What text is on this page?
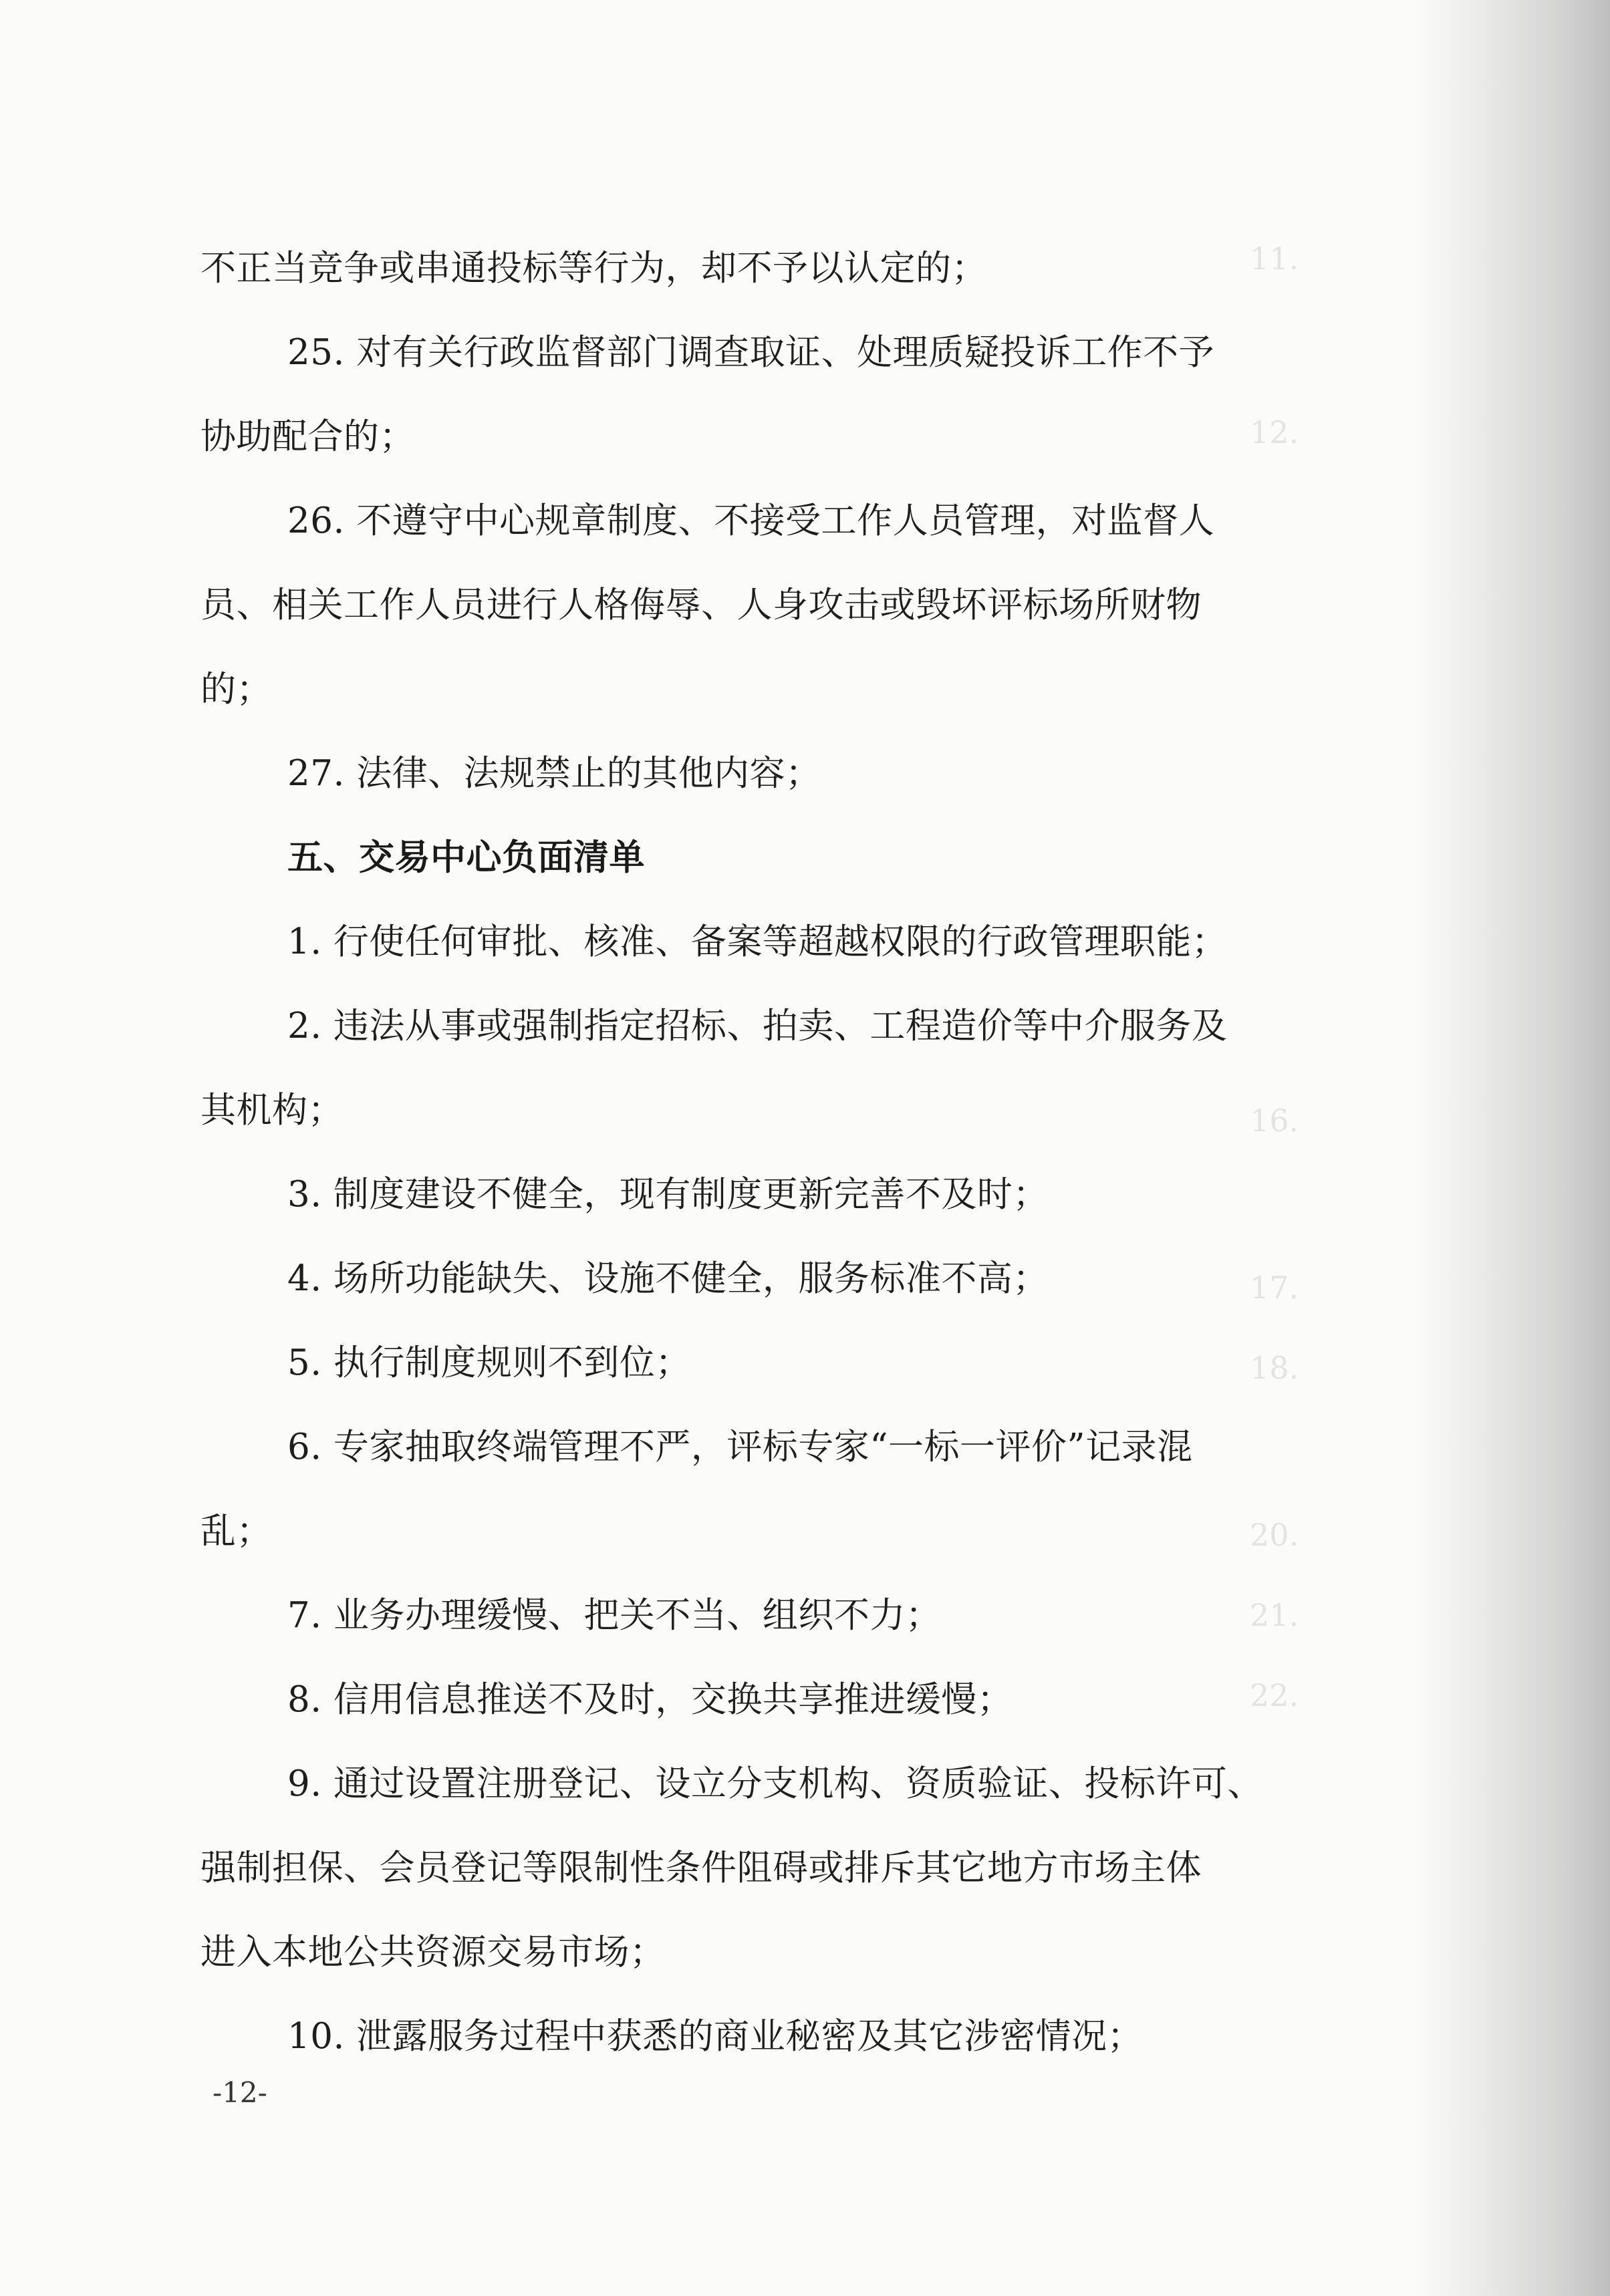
11.
12.
16.
17.
18.
20.
21.
22.
不正当竞争或串通投标等行为，却不予以认定的；
25. 对有关行政监督部门调查取证、处理质疑投诉工作不予
协助配合的；
26. 不遵守中心规章制度、不接受工作人员管理，对监督人
员、相关工作人员进行人格侮辱、人身攻击或毁坏评标场所财物
的；
27. 法律、法规禁止的其他内容；
五、交易中心负面清单
1. 行使任何审批、核准、备案等超越权限的行政管理职能；
2. 违法从事或强制指定招标、拍卖、工程造价等中介服务及
其机构；
3. 制度建设不健全，现有制度更新完善不及时；
4. 场所功能缺失、设施不健全，服务标准不高；
5. 执行制度规则不到位；
6. 专家抽取终端管理不严，评标专家“一标一评价”记录混
乱；
7. 业务办理缓慢、把关不当、组织不力；
8. 信用信息推送不及时，交换共享推进缓慢；
9. 通过设置注册登记、设立分支机构、资质验证、投标许可、
强制担保、会员登记等限制性条件阻碍或排斥其它地方市场主体
进入本地公共资源交易市场；
10. 泄露服务过程中获悉的商业秘密及其它涉密情况；
-12-
